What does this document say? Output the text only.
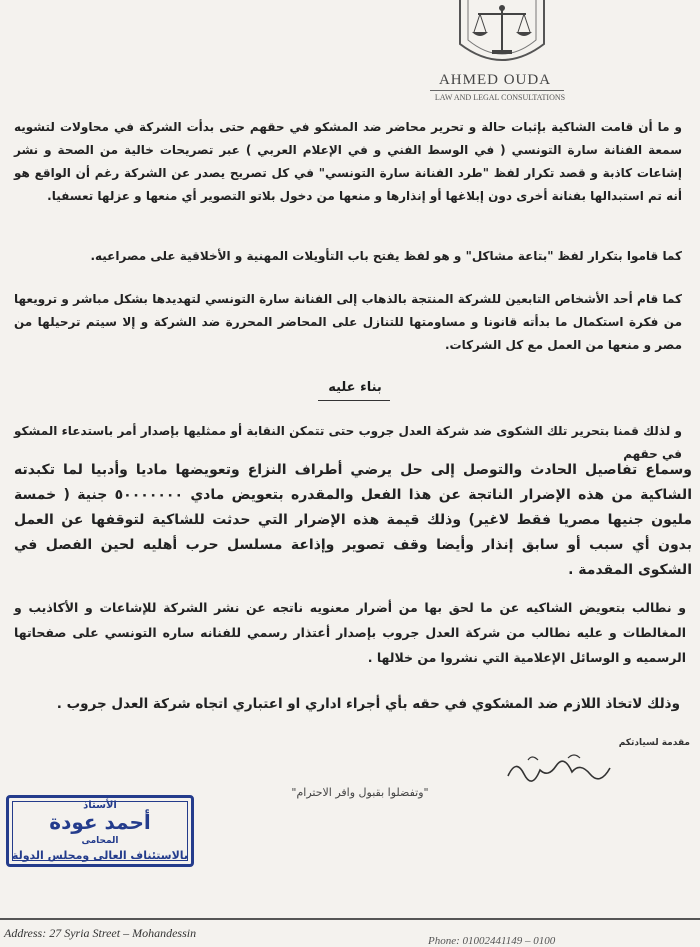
AHMED OUDA
LAW AND LEGAL CONSULTATIONS
و ما أن قامت الشاكية بإثبات حالة و تحرير محاضر ضد المشكو في حقهم حتى بدأت الشركة في محاولات لتشويه سمعة الفنانة سارة التونسي ( في الوسط الفني و في الإعلام العربي ) عبر تصريحات خالية من الصحة و نشر إشاعات كاذبة و قصد تكرار لفظ "طرد الفنانة سارة التونسي" في كل تصريح يصدر عن الشركة رغم أن الواقع هو أنه تم استبدالها بفنانة أخرى دون إبلاغها أو إنذارها و منعها من دخول بلاتو التصوير أي منعها و عزلها تعسفيا.
كما قاموا بتكرار لفظ "بتاعة مشاكل" و هو لفظ يفتح باب التأويلات المهنية و الأخلاقية على مصراعيه.
كما قام أحد الأشخاص التابعين للشركة المنتجة بالذهاب إلى الفنانة سارة التونسي لتهديدها بشكل مباشر و ترويعها من فكرة استكمال ما بدأته قانونا و مساومتها للتنازل على المحاضر المحررة ضد الشركة و إلا سيتم ترحيلها من مصر و منعها من العمل مع كل الشركات.
بناء عليه
و لذلك قمنا بتحرير تلك الشكوى ضد شركة العدل جروب حتى تتمكن النقابة أو ممثليها بإصدار أمر باستدعاء المشكو في حقهم
وسماع تفاصيل الحادث والتوصل إلى حل يرضي أطراف النزاع وتعويضها ماديا وأدبيا لما تكبدته الشاكية من هذه الإضرار الناتجة عن هذا الفعل والمقدره بتعويض مادي ٥٠٠٠٠٠٠٠ جنية ( خمسة مليون جنيها مصريا فقط لاغير) وذلك قيمة هذه الإضرار التي حدثت للشاكية لتوقفها عن العمل بدون أي سبب أو سابق إنذار وأيضا وقف تصوير وإذاعة مسلسل حرب أهليه لحين الفصل في الشكوى المقدمة .
و نطالب بتعويض الشاكيه عن ما لحق بها من أضرار معنويه ناتجه عن نشر الشركة للإشاعات و الأكاذيب و المغالطات و عليه نطالب من شركة العدل جروب بإصدار أعتذار رسمي للفنانه ساره التونسي على صفحاتها الرسميه و الوسائل الإعلامية التي نشروا من خلالها .
وذلك لاتخاذ اللازم ضد المشكوي في حقه بأي أجراء اداري او اعتباري اتجاه شركة العدل جروب .
مقدمة لسيادتكم
"وتفضلوا بقبول وافر الاحترام"
الأستاذ
أحمد عودة
المحامى
بالاستئناف العالى ومجلس الدولة
Address: 27 Syria Street – Mohandessin
Phone: 01002441149 – 0100
